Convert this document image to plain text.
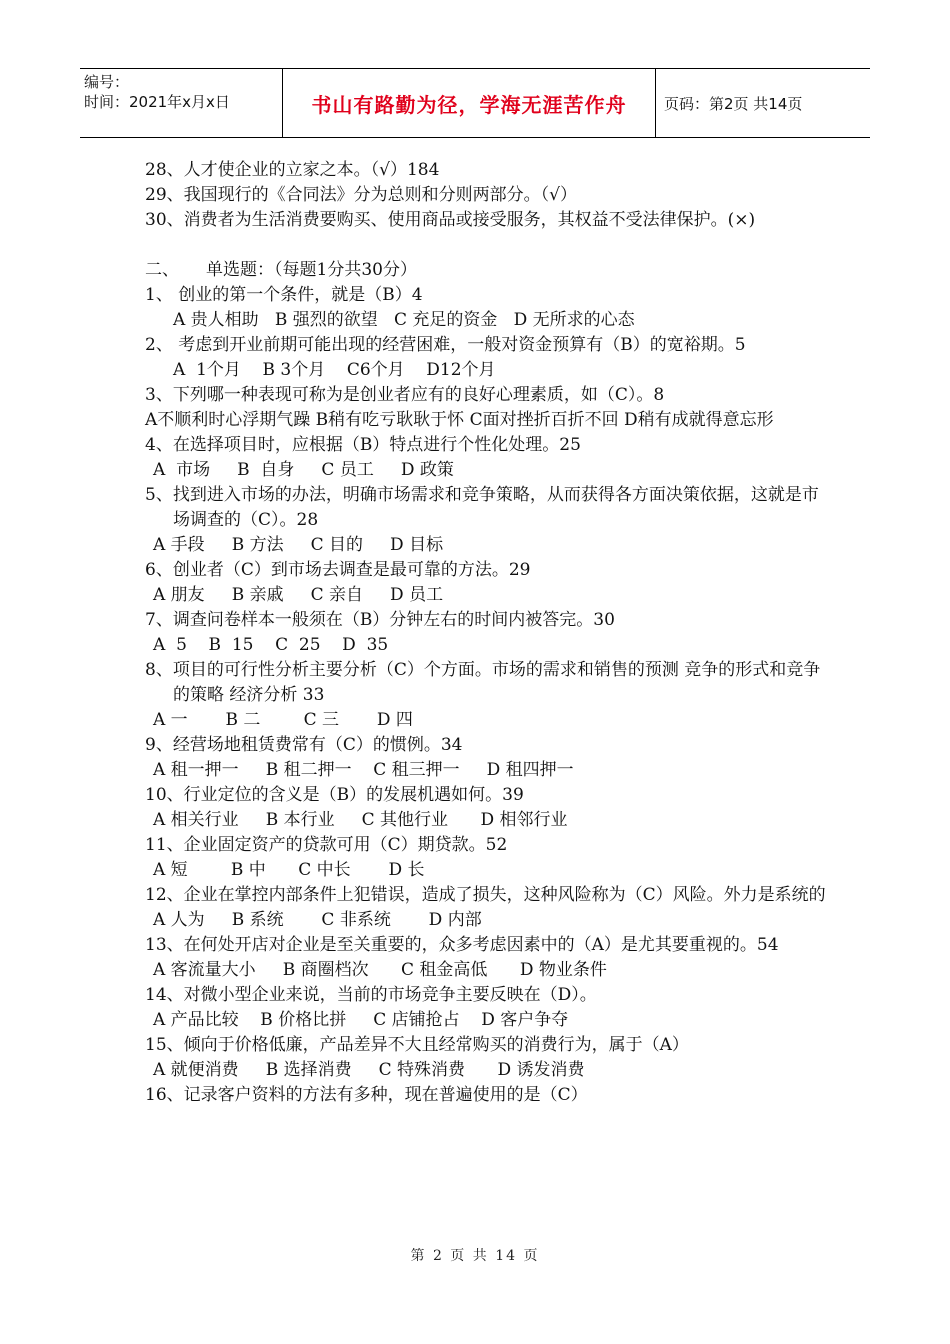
编号：
时间：2021年x月x日	书山有路勤为径，学海无涯苦作舟	页码：第2页 共14页

28、人才使企业的立家之本。（√）184

29、我国现行的《合同法》分为总则和分则两部分。（√）

30、消费者为生活消费要购买、使用商品或接受服务，其权益不受法律保护。(×)

二、     单选题：（每题1分共30分）

1、 创业的第一个条件，就是（B）4

A 贵人相助   B 强烈的欲望   C 充足的资金   D 无所求的心态

2、 考虑到开业前期可能出现的经营困难，一般对资金预算有（B）的宽裕期。5

A  1个月    B 3个月    C6个月    D12个月

3、下列哪一种表现可称为是创业者应有的良好心理素质，如（C）。8

A不顺利时心浮期气躁 B稍有吃亏耿耿于怀 C面对挫折百折不回 D稍有成就得意忘形

4、在选择项目时，应根据（B）特点进行个性化处理。25

A  市场     B  自身     C 员工     D 政策

5、找到进入市场的办法，明确市场需求和竞争策略，从而获得各方面决策依据，这就是市场调查的（C）。28

A 手段     B 方法     C 目的     D 目标

6、创业者（C）到市场去调查是最可靠的方法。29

A 朋友     B 亲戚     C 亲自     D 员工

7、调查问卷样本一般须在（B）分钟左右的时间内被答完。30

A  5    B  15    C  25    D  35

8、项目的可行性分析主要分析（C）个方面。市场的需求和销售的预测 竞争的形式和竞争的策略 经济分析 33

A 一       B 二        C 三       D 四

9、经营场地租赁费常有（C）的惯例。34

A 租一押一     B 租二押一    C 租三押一     D 租四押一

10、行业定位的含义是（B）的发展机遇如何。39

A 相关行业     B 本行业     C 其他行业      D 相邻行业

11、企业固定资产的贷款可用（C）期贷款。52

A 短        B 中      C 中长       D 长

12、企业在掌控内部条件上犯错误，造成了损失，这种风险称为（C）风险。外力是系统的

A 人为     B 系统       C 非系统       D 内部

13、在何处开店对企业是至关重要的，众多考虑因素中的（A）是尤其要重视的。54

A 客流量大小     B 商圈档次      C 租金高低      D 物业条件

14、对微小型企业来说，当前的市场竞争主要反映在（D）。

A 产品比较    B 价格比拼     C 店铺抢占    D 客户争夺

15、倾向于价格低廉，产品差异不大且经常购买的消费行为，属于（A）

A 就便消费     B 选择消费     C 特殊消费      D 诱发消费

16、记录客户资料的方法有多种，现在普遍使用的是（C）

第 2 页 共 14 页
